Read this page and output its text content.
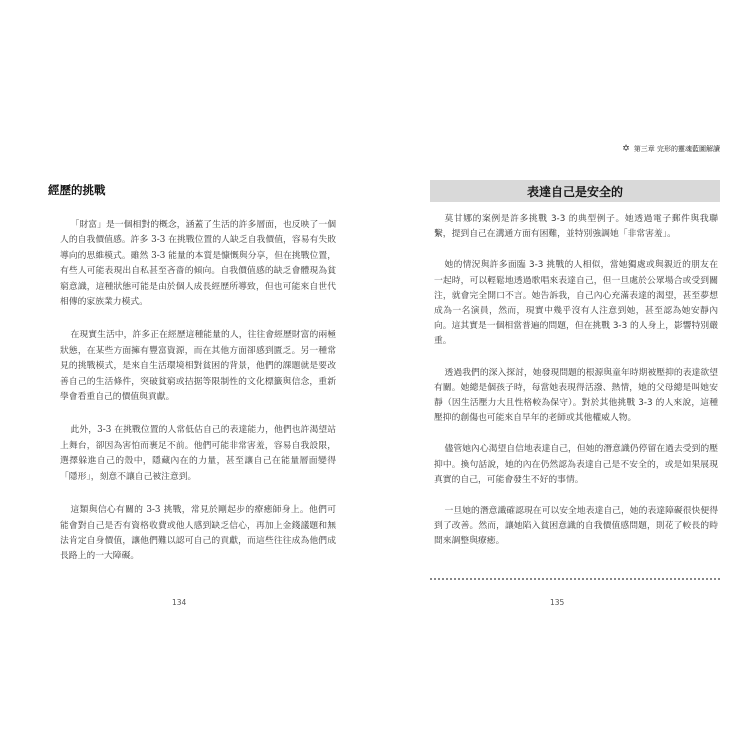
✡ 第三章 完形的靈魂藍圖解讀
經歷的挑戰

「財富」是一個相對的概念，涵蓋了生活的許多層面，也反映了一個人的自我價值感。許多 3-3 在挑戰位置的人缺乏自我價值，容易有失敗導向的思維模式。雖然 3-3 能量的本質是慷慨與分享，但在挑戰位置，有些人可能表現出自私甚至吝嗇的傾向。自我價值感的缺乏會體現為貧窮意識，這種狀態可能是由於個人成長經歷所導致，但也可能來自世代相傳的家族業力模式。

在現實生活中，許多正在經歷這種能量的人，往往會經歷財富的兩極狀態，在某些方面擁有豐富資源，而在其他方面卻感到匱乏。另一種常見的挑戰模式，是來自生活環境相對貧困的背景，他們的課題就是要改善自己的生活條件，突破貧窮或拮据等限制性的文化標籤與信念，重新學會看重自己的價值與貢獻。

此外，3-3 在挑戰位置的人常低估自己的表達能力，他們也許渴望站上舞台，卻因為害怕而裹足不前。他們可能非常害羞，容易自我設限，選擇躲進自己的殼中，隱藏內在的力量，甚至讓自己在能量層面變得「隱形」，刻意不讓自己被注意到。

這類與信心有關的 3-3 挑戰，常見於剛起步的療癒師身上。他們可能會對自己是否有資格收費或他人感到缺乏信心，再加上金錢議題和無法肯定自身價值，讓他們難以認可自己的貢獻，而這些往往成為他們成長路上的一大障礙。

134
表達自己是安全的

莫甘娜的案例是許多挑戰 3-3 的典型例子。她透過電子郵件與我聯繫，提到自己在溝通方面有困難，並特別強調她「非常害羞」。

她的情況與許多面臨 3-3 挑戰的人相似，當她獨處或與親近的朋友在一起時，可以輕鬆地透過歌唱來表達自己，但一旦處於公眾場合或受到關注，就會完全開口不言。她告訴我，自己內心充滿表達的渴望，甚至夢想成為一名演員，然而，現實中幾乎沒有人注意到她，甚至認為她安靜內向。這其實是一個相當普遍的問題，但在挑戰 3-3 的人身上，影響特別嚴重。

透過我們的深入探討，她發現問題的根源與童年時期被壓抑的表達欲望有關。她總是個孩子時，每當她表現得活潑、熱情，她的父母總是叫她安靜（因生活壓力大且性格較為保守）。對於其他挑戰 3-3 的人來說，這種壓抑的創傷也可能來自早年的老師或其他權威人物。

儘管她內心渴望自信地表達自己，但她的潛意識仍停留在過去受到的壓抑中。換句話說，她的內在仍然認為表達自己是不安全的，或是如果展現真實的自己，可能會發生不好的事情。

一旦她的潛意識確認現在可以安全地表達自己，她的表達障礙很快便得到了改善。然而，讓她陷入貧困意識的自我價值感問題，則花了較長的時間來調整與療癒。

135
